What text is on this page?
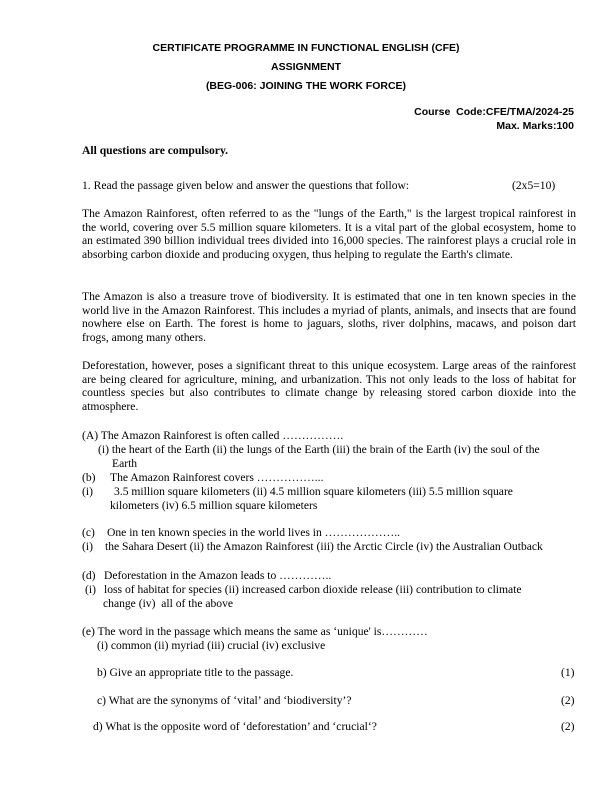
CERTIFICATE PROGRAMME IN FUNCTIONAL ENGLISH (CFE)
ASSIGNMENT
(BEG-006: JOINING THE WORK FORCE)
Course  Code:CFE/TMA/2024-25
Max. Marks:100
All questions are compulsory.
1. Read the passage given below and answer the questions that follow:	(2x5=10)
The Amazon Rainforest, often referred to as the "lungs of the Earth," is the largest tropical rainforest in the world, covering over 5.5 million square kilometers. It is a vital part of the global ecosystem, home to an estimated 390 billion individual trees divided into 16,000 species. The rainforest plays a crucial role in absorbing carbon dioxide and producing oxygen, thus helping to regulate the Earth's climate.
The Amazon is also a treasure trove of biodiversity. It is estimated that one in ten known species in the world live in the Amazon Rainforest. This includes a myriad of plants, animals, and insects that are found nowhere else on Earth. The forest is home to jaguars, sloths, river dolphins, macaws, and poison dart frogs, among many others.
Deforestation, however, poses a significant threat to this unique ecosystem. Large areas of the rainforest are being cleared for agriculture, mining, and urbanization. This not only leads to the loss of habitat for countless species but also contributes to climate change by releasing stored carbon dioxide into the atmosphere.
(A) The Amazon Rainforest is often called …………….
(i) the heart of the Earth (ii) the lungs of the Earth (iii) the brain of the Earth (iv) the soul of the
Earth
(b) The Amazon Rainforest covers ……………...
(i) 3.5 million square kilometers (ii) 4.5 million square kilometers (iii) 5.5 million square
kilometers (iv) 6.5 million square kilometers
(c) One in ten known species in the world lives in ………………..
(i) the Sahara Desert (ii) the Amazon Rainforest (iii) the Arctic Circle (iv) the Australian Outback
(d) Deforestation in the Amazon leads to …………..
(i) loss of habitat for species (ii) increased carbon dioxide release (iii) contribution to climate
change (iv)  all of the above
(e) The word in the passage which means the same as ‘unique' is…………
(i) common (ii) myriad (iii) crucial (iv) exclusive
b) Give an appropriate title to the passage.	(1)
c) What are the synonyms of ‘vital’ and ‘biodiversity’?	(2)
d) What is the opposite word of ‘deforestation’ and ‘crucial‘?	(2)
